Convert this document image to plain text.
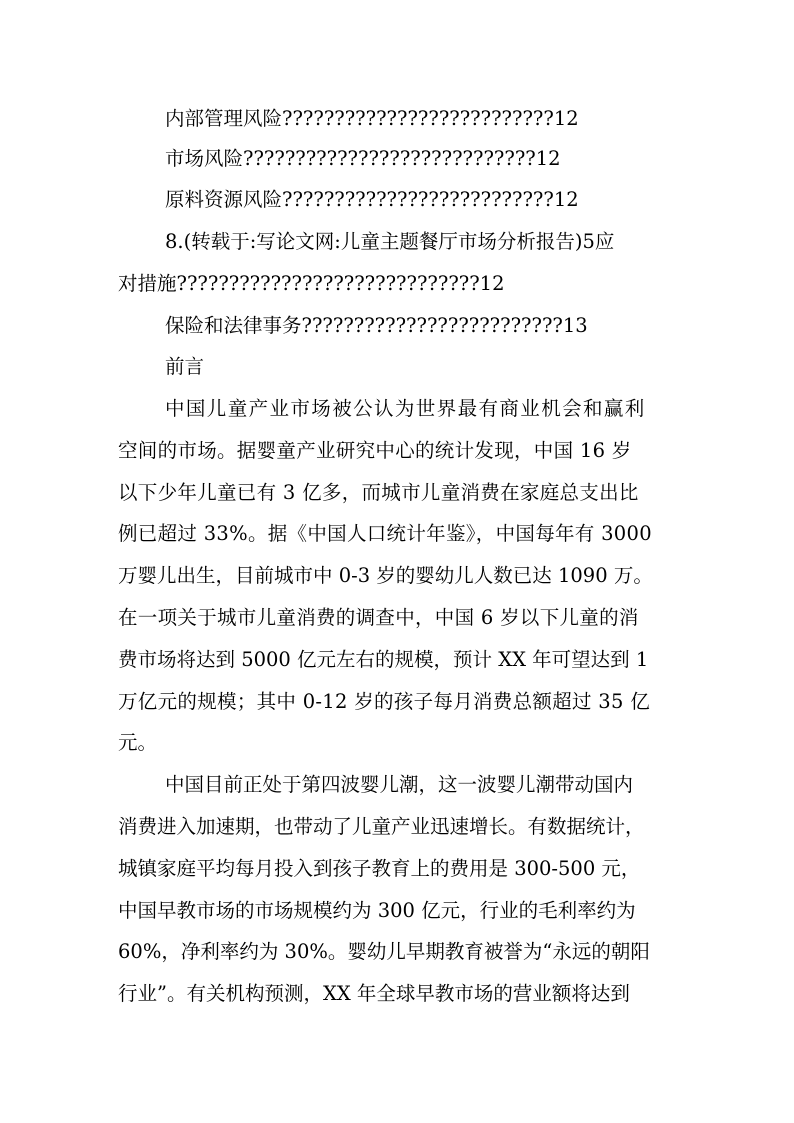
内部管理风险??????????????????????????12
市场风险????????????????????????????12
原料资源风险??????????????????????????12
8.(转载于:写论文网:儿童主题餐厅市场分析报告)5应
对措施?????????????????????????????12
保险和法律事务?????????????????????????13
前言
中国儿童产业市场被公认为世界最有商业机会和赢利
空间的市场。据婴童产业研究中心的统计发现，中国 16 岁
以下少年儿童已有 3 亿多，而城市儿童消费在家庭总支出比
例已超过 33%。据《中国人口统计年鉴》，中国每年有 3000
万婴儿出生，目前城市中 0-3 岁的婴幼儿人数已达 1090 万。
在一项关于城市儿童消费的调查中，中国 6 岁以下儿童的消
费市场将达到 5000 亿元左右的规模，预计 XX 年可望达到 1
万亿元的规模；其中 0-12 岁的孩子每月消费总额超过 35 亿
元。
中国目前正处于第四波婴儿潮，这一波婴儿潮带动国内
消费进入加速期，也带动了儿童产业迅速增长。有数据统计，
城镇家庭平均每月投入到孩子教育上的费用是 300-500 元，
中国早教市场的市场规模约为 300 亿元，行业的毛利率约为
60%，净利率约为 30%。婴幼儿早期教育被誉为“永远的朝阳
行业”。有关机构预测，XX 年全球早教市场的营业额将达到
